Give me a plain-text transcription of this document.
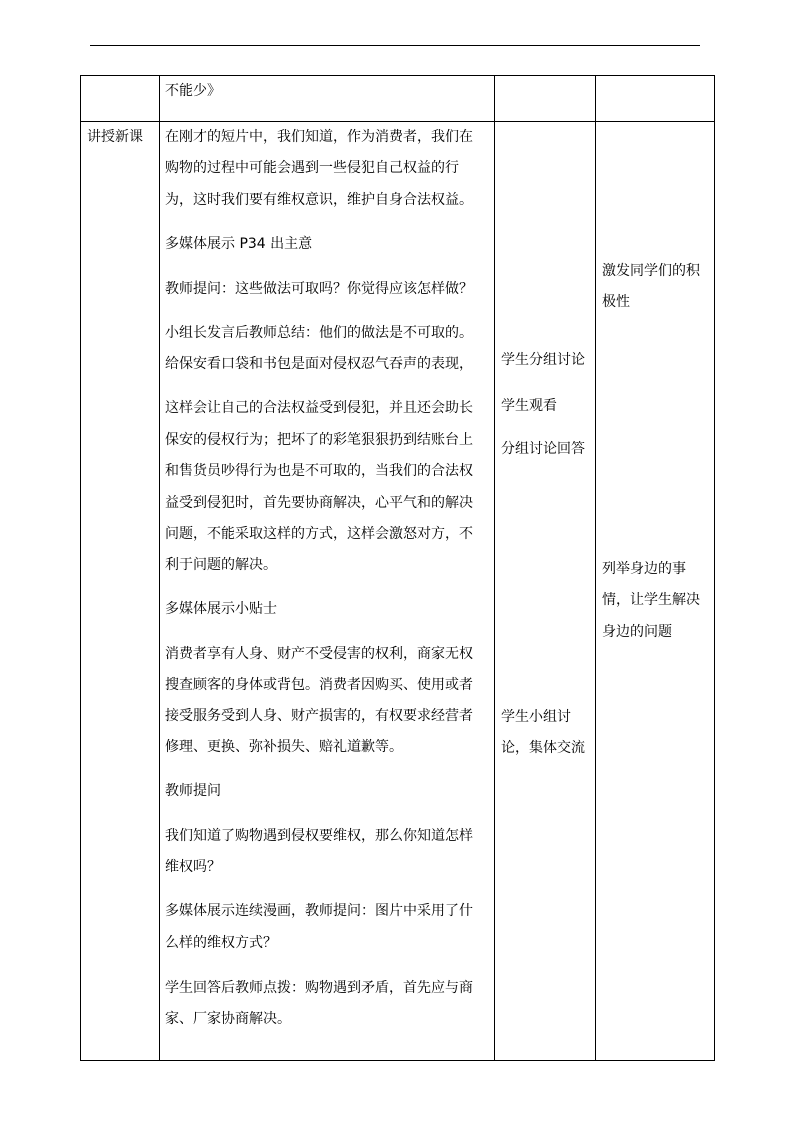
不能少》
讲授新课 在刚才的短片中，我们知道，作为消费者，我们在
购物的过程中可能会遇到一些侵犯自己权益的行
为，这时我们要有维权意识，维护自身合法权益。
多媒体展示 P34 出主意
教师提问：这些做法可取吗？你觉得应该怎样做？
小组长发言后教师总结：他们的做法是不可取的。
给保安看口袋和书包是面对侵权忍气吞声的表现，
这样会让自己的合法权益受到侵犯，并且还会助长
保安的侵权行为；把坏了的彩笔狠狠扔到结账台上
和售货员吵得行为也是不可取的，当我们的合法权
益受到侵犯时，首先要协商解决，心平气和的解决
问题，不能采取这样的方式，这样会激怒对方，不
利于问题的解决。
多媒体展示小贴士
消费者享有人身、财产不受侵害的权利，商家无权
搜查顾客的身体或背包。消费者因购买、使用或者
接受服务受到人身、财产损害的，有权要求经营者
修理、更换、弥补损失、赔礼道歉等。
教师提问
我们知道了购物遇到侵权要维权，那么你知道怎样
维权吗？
多媒体展示连续漫画，教师提问：图片中采用了什
么样的维权方式？
学生回答后教师点拨：购物遇到矛盾，首先应与商
家、厂家协商解决。
学生分组讨论
学生观看
分组讨论回答
学生小组讨
论，集体交流
激发同学们的积
极性
列举身边的事
情，让学生解决
身边的问题
